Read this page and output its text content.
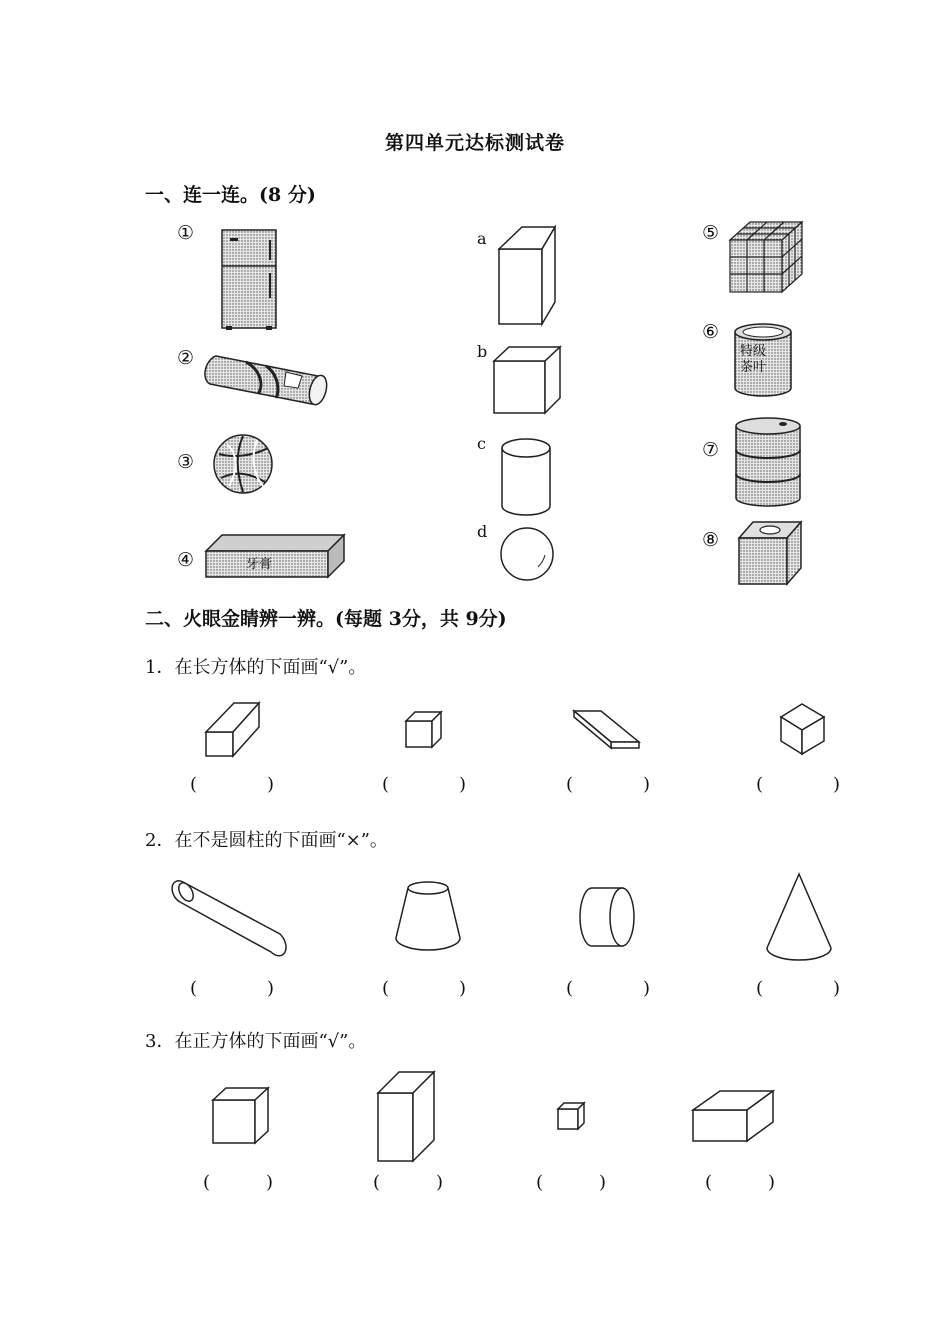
第四单元达标测试卷
一、连一连。(8 分)
①
②
③
④	牙膏
a
b
c
d
⑤
⑥
⑦
⑧
特级
茶叶
二、火眼金睛辨一辨。(每题 3分，共 9分)
1．在长方体的下面画“√”。
(	)	(	)	(	)	(	)
2．在不是圆柱的下面画“×”。
(	)	(	)	(	)	(	)
3．在正方体的下面画“√”。
(	)	(	)	(	)	(	)
